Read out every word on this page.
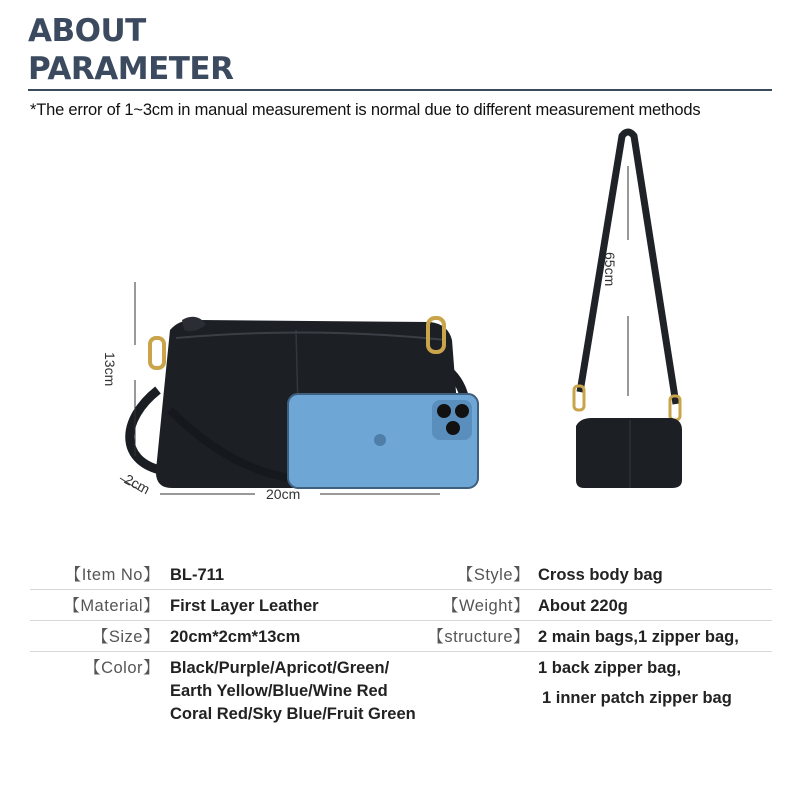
ABOUT
PARAMETER
*The error of 1~3cm in manual measurement is normal due to different measurement methods
13cm
2cm	20cm
65cm
【Item No】 BL-711	【Style】 Cross body bag
【Material】 First Layer Leather	【Weight】 About 220g
【Size】 20cm*2cm*13cm	【structure】 2 main bags,1 zipper bag,
1 back zipper bag,
1 inner patch zipper bag
【Color】 Black/Purple/Apricot/Green/
Earth Yellow/Blue/Wine Red
Coral Red/Sky Blue/Fruit Green
